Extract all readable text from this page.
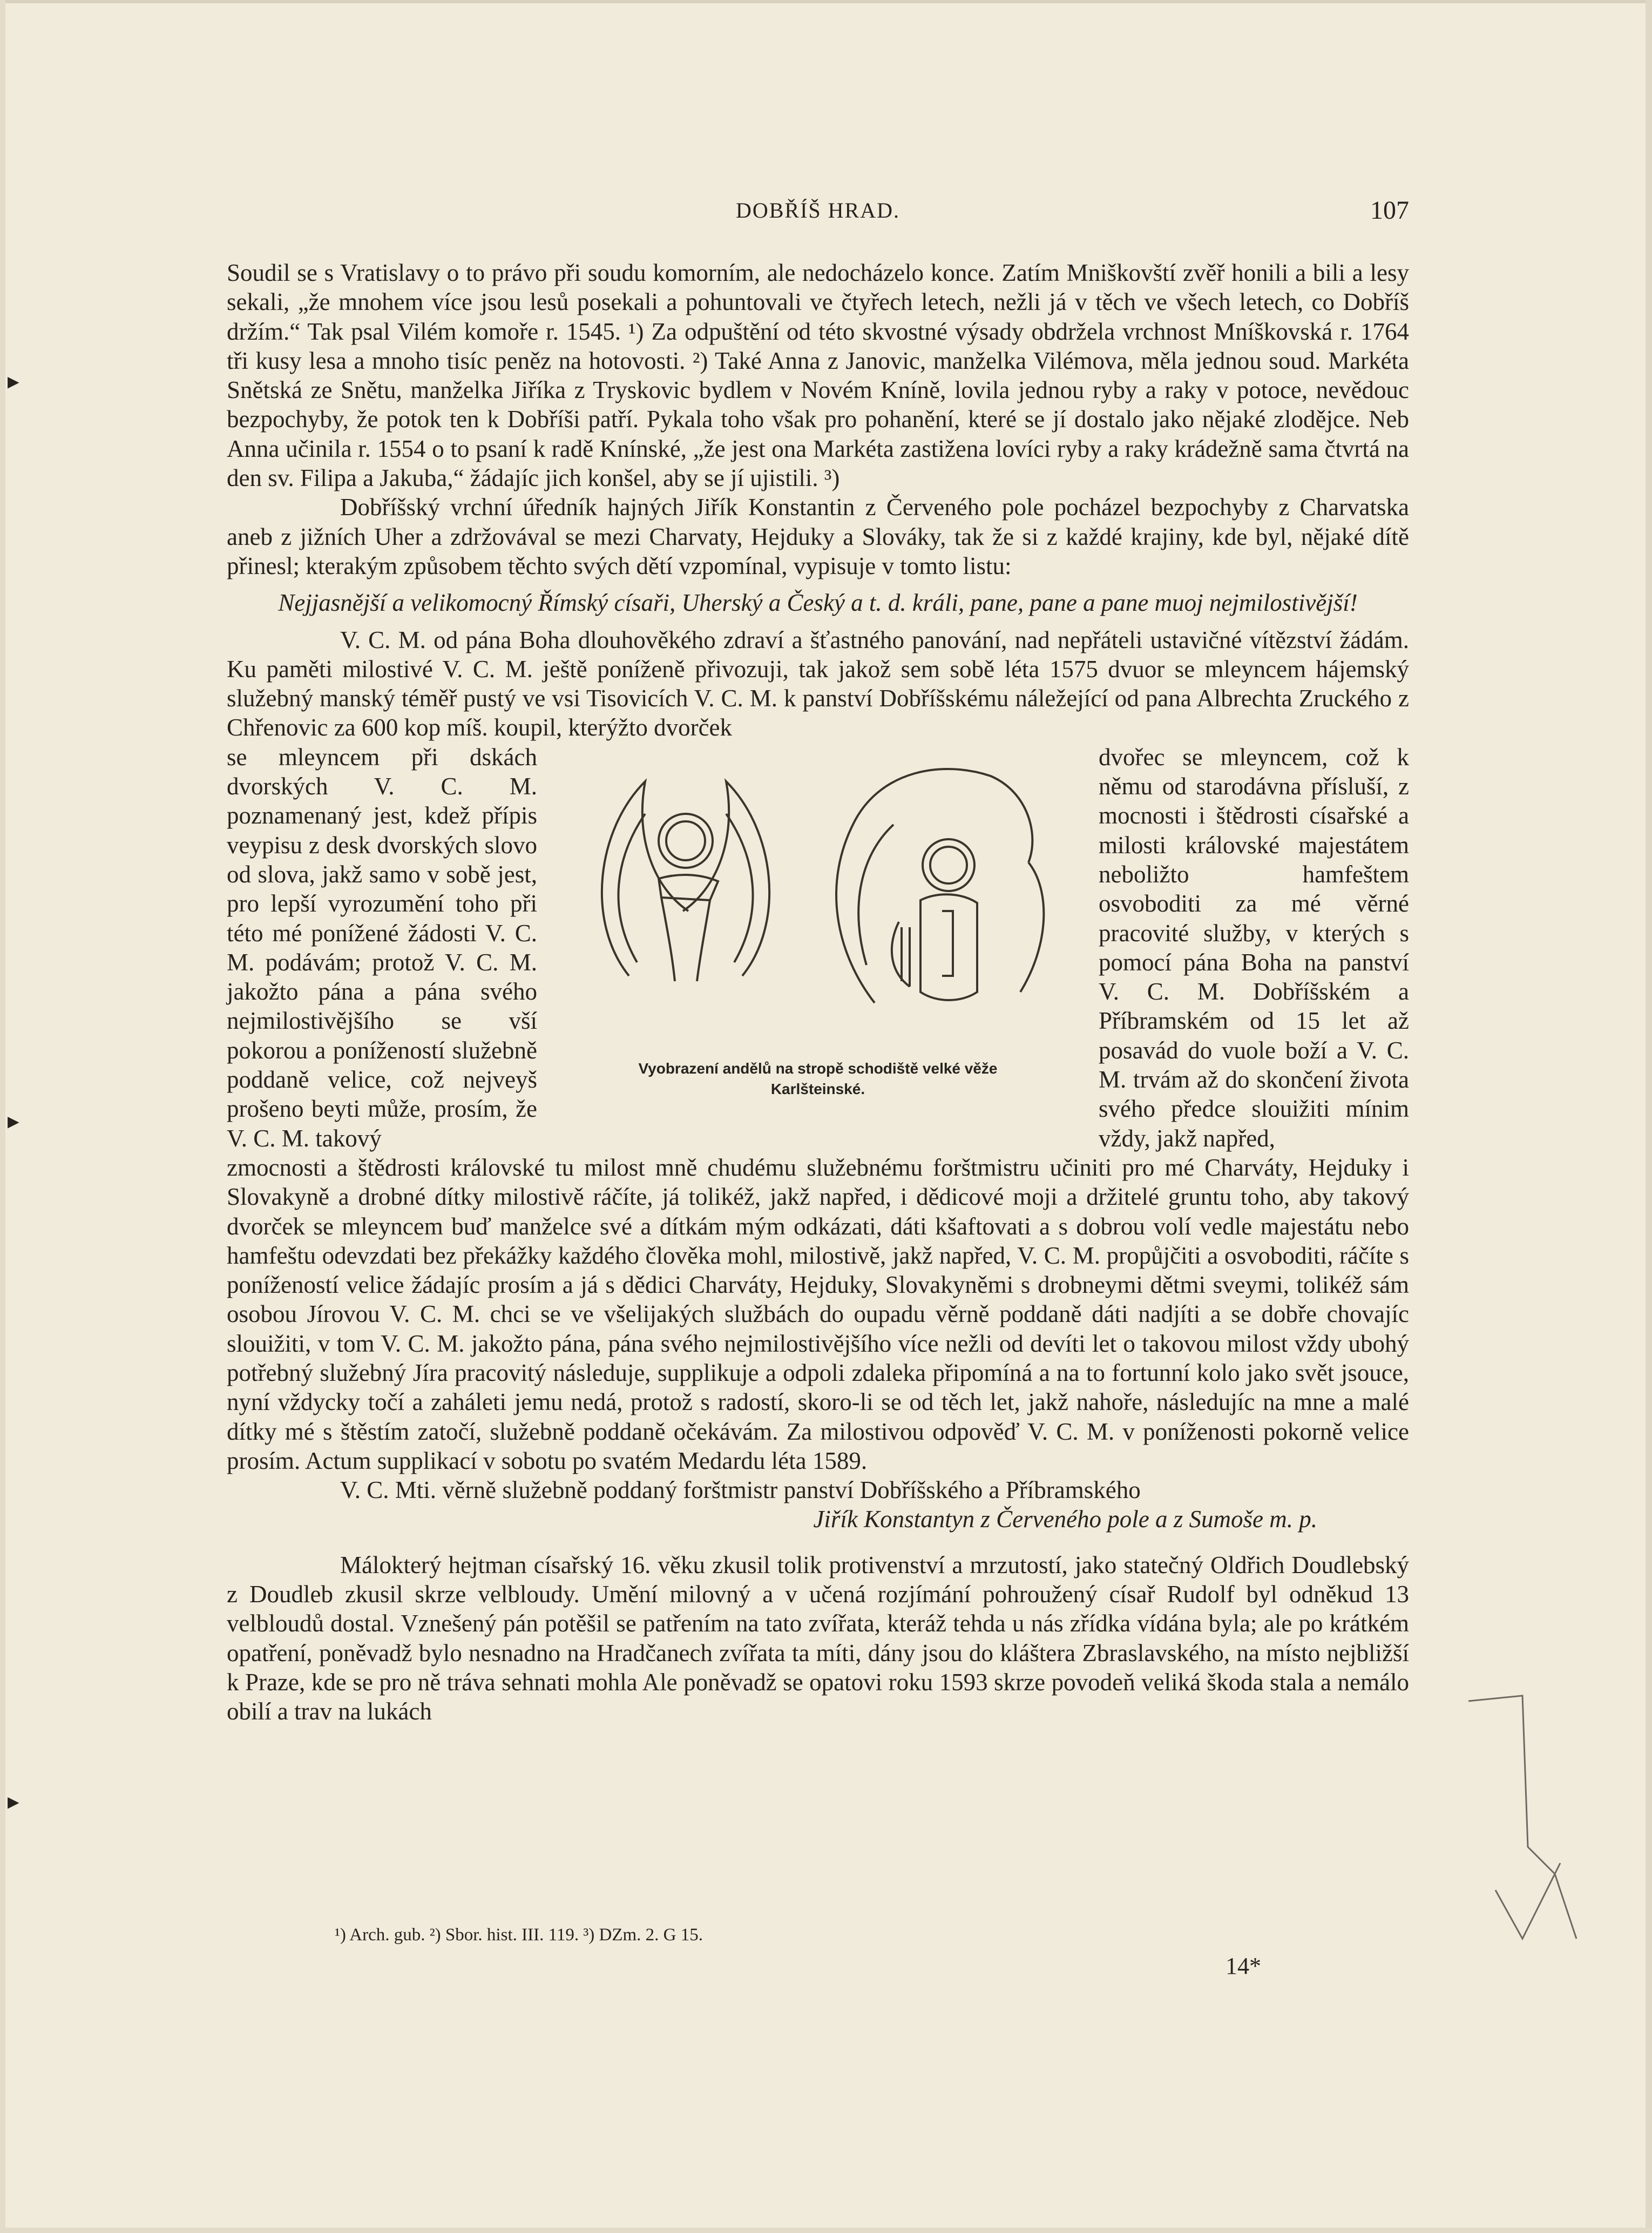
▶
▶
▶
DOBŘÍŠ HRAD.	107

Soudil se s Vratislavy o to právo při soudu komorním, ale nedocházelo konce. Zatím Mniškovští zvěř honili a bili a lesy sekali, „že mnohem více jsou lesů posekali a pohuntovali ve čtyřech letech, nežli já v těch ve všech letech, co Dobříš držím.“ Tak psal Vilém komoře r. 1545. ¹) Za odpuštění od této skvostné výsady obdržela vrchnost Mníškovská r. 1764 tři kusy lesa a mnoho tisíc peněz na hotovosti. ²) Také Anna z Janovic, manželka Vilémova, měla jednou soud. Markéta Snětská ze Snětu, manželka Jiříka z Tryskovic bydlem v Novém Kníně, lovila jednou ryby a raky v potoce, nevědouc bezpochyby, že potok ten k Dobříši patří. Pykala toho však pro pohanění, které se jí dostalo jako nějaké zlodějce. Neb Anna učinila r. 1554 o to psaní k radě Knínské, „že jest ona Markéta zastižena lovíci ryby a raky krádežně sama čtvrtá na den sv. Filipa a Jakuba,“ žádajíc jich konšel, aby se jí ujistili. ³)

Dobříšský vrchní úředník hajných Jiřík Konstantin z Červeného pole pocházel bezpochyby z Charvatska aneb z jižních Uher a zdržovával se mezi Charvaty, Hejduky a Slováky, tak že si z každé krajiny, kde byl, nějaké dítě přinesl; kterakým způsobem těchto svých dětí vzpomínal, vypisuje v tomto listu:

Nejjasnější a velikomocný Římský císaři, Uherský a Český a t. d. králi, pane, pane a pane muoj nejmilostivější!

V. C. M. od pána Boha dlouhověkého zdraví a šťastného panování, nad nepřáteli ustavičné vítězství žádám. Ku paměti milostivé V. C. M. ještě poníženě přivozuji, tak jakož sem sobě léta 1575 dvuor se mleyncem hájemský služebný manský téměř pustý ve vsi Tisovicích V. C. M. k panství Dobříšskému náležející od pana Albrechta Zruckého z Chřenovic za 600 kop míš. koupil, kterýžto dvorček

se mleyncem při dskách dvorských V. C. M. poznamenaný jest, kdež přípis veypisu z desk dvorských slovo od slova, jakž samo v sobě jest, pro lepší vyrozumění toho při této mé ponížené žádosti V. C. M. podávám; protož V. C. M. jakožto pána a pána svého nejmilostivějšího se vší pokorou a ponížeností služebně poddaně velice, což nejveyš prošeno beyti může, prosím, že V. C. M. takový
Vyobrazení andělů na stropě schodiště velké věže
Karlšteinské.
dvořec se mleyncem, což k němu od starodávna přísluší, z mocnosti i štědrosti císařské a milosti královské majestátem neboližto hamfeštem osvoboditi za mé věrné pracovité služby, v kterých s pomocí pána Boha na panství V. C. M. Dobříšském a Příbramském od 15 let až posavád do vuole boží a V. C. M. trvám až do skončení života svého předce slouižiti mínim vždy, jakž napřed,

zmocnosti a štědrosti královské tu milost mně chudému služebnému forštmistru učiniti pro mé Charváty, Hejduky i Slovakyně a drobné dítky milostivě ráčíte, já tolikéž, jakž napřed, i dědicové moji a držitelé gruntu toho, aby takový dvorček se mleyncem buď manželce své a dítkám mým odkázati, dáti kšaftovati a s dobrou volí vedle majestátu nebo hamfeštu odevzdati bez překážky každého člověka mohl, milostivě, jakž napřed, V. C. M. propůjčiti a osvoboditi, ráčíte s ponížeností velice žádajíc prosím a já s dědici Charváty, Hejduky, Slovakyněmi s drobneymi dětmi sveymi, tolikéž sám osobou Jírovou V. C. M. chci se ve všelijakých službách do oupadu věrně poddaně dáti nadjíti a se dobře chovajíc slouižiti, v tom V. C. M. jakožto pána, pána svého nejmilostivějšího více nežli od devíti let o takovou milost vždy ubohý potřebný služebný Jíra pracovitý následuje, supplikuje a odpoli zdaleka připomíná a na to fortunní kolo jako svět jsouce, nyní vždycky točí a zaháleti jemu nedá, protož s radostí, skoro-li se od těch let, jakž nahoře, následujíc na mne a malé dítky mé s štěstím zatočí, služebně poddaně očekávám. Za milostivou odpověď V. C. M. v poníženosti pokorně velice prosím. Actum supplikací v sobotu po svatém Medardu léta 1589.

V. C. Mti. věrně služebně poddaný forštmistr panství Dobříšského a Příbramského

Jiřík Konstantyn z Červeného pole a z Sumoše m. p.

Málokterý hejtman císařský 16. věku zkusil tolik protivenství a mrzutostí, jako statečný Oldřich Doudlebský z Doudleb zkusil skrze velbloudy. Umění milovný a v učená rozjímání pohroužený císař Rudolf byl odněkud 13 velbloudů dostal. Vznešený pán potěšil se patřením na tato zvířata, kteráž tehda u nás zřídka vídána byla; ale po krátkém opatření, poněvadž bylo nesnadno na Hradčanech zvířata ta míti, dány jsou do kláštera Zbraslavského, na místo nejbližší k Praze, kde se pro ně tráva sehnati mohla Ale poněvadž se opatovi roku 1593 skrze povodeň veliká škoda stala a nemálo obilí a trav na lukách

¹) Arch. gub. ²) Sbor. hist. III. 119. ³) DZm. 2. G 15.
14*
